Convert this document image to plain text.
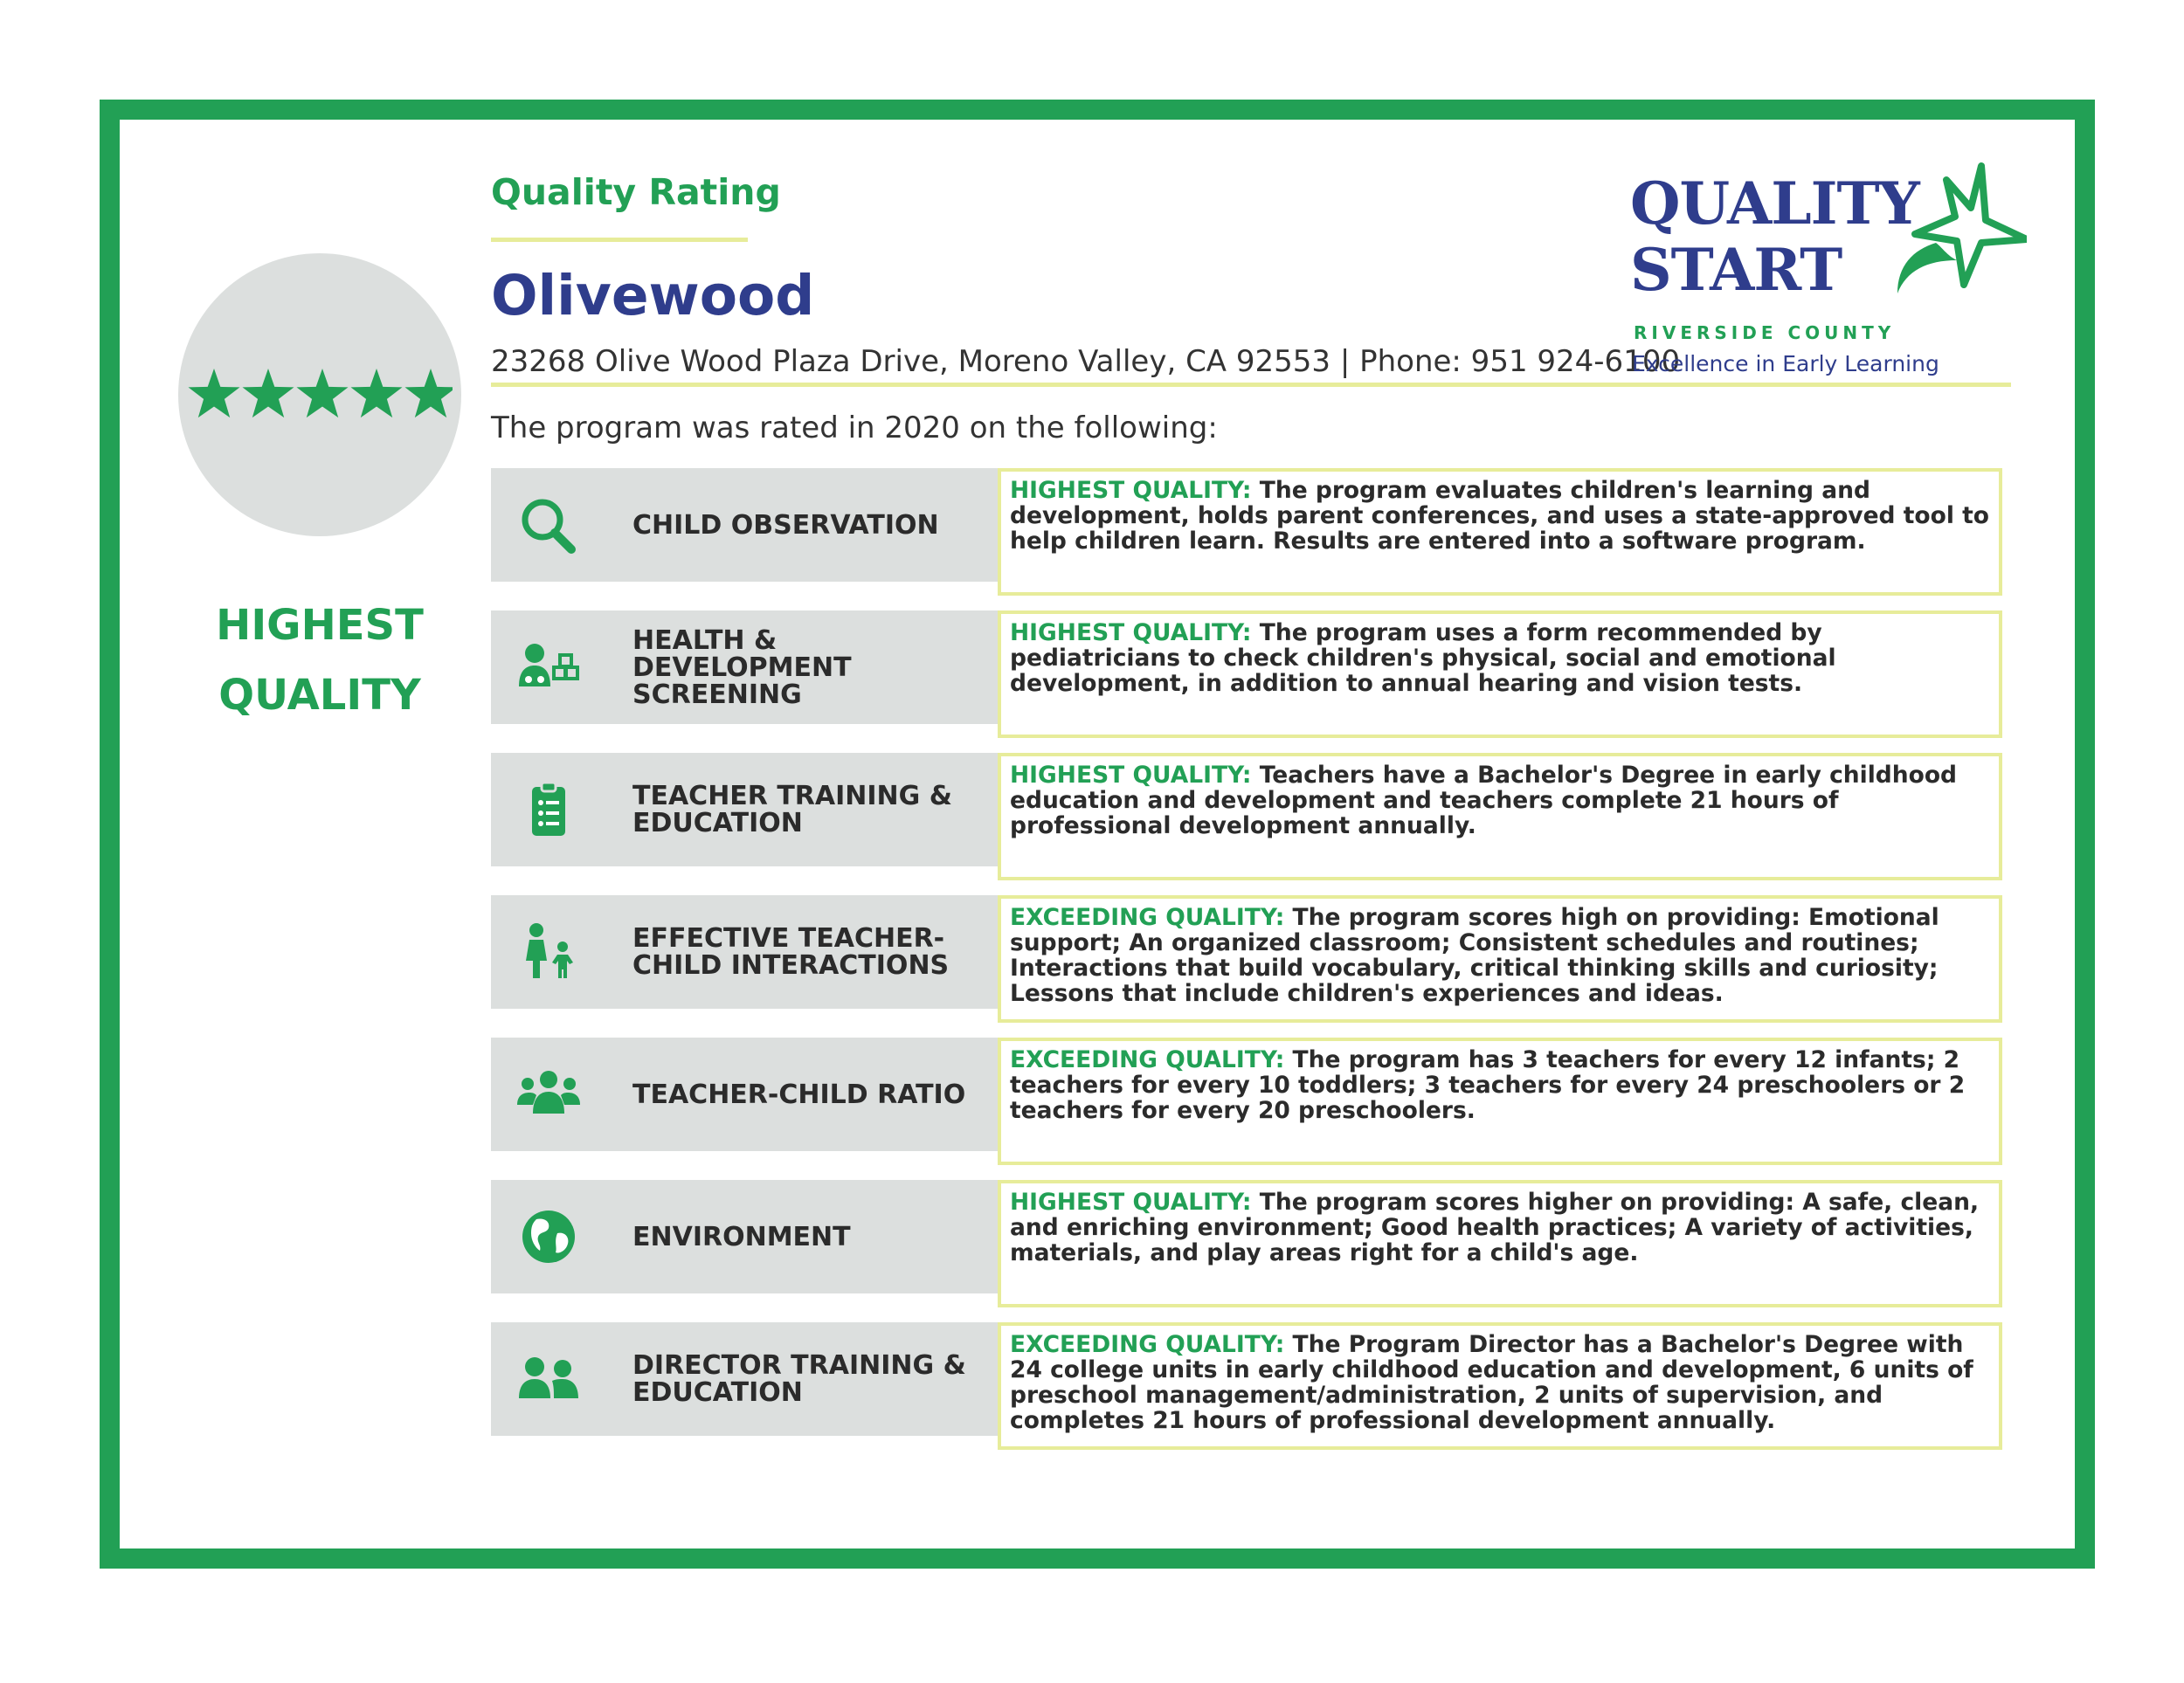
Quality Rating
Olivewood
23268 Olive Wood Plaza Drive, Moreno Valley, CA 92553 | Phone: 951 924-6100
The program was rated in 2020 on the following:
QUALITY
START
RIVERSIDE COUNTY
Excellence in Early Learning
HIGHEST QUALITY
CHILD OBSERVATION
HIGHEST QUALITY: The program evaluates children's learning and development, holds parent conferences, and uses a state-approved tool to help children learn. Results are entered into a software program.
HEALTH &
DEVELOPMENT
SCREENING
HIGHEST QUALITY: The program uses a form recommended by pediatricians to check children's physical, social and emotional development, in addition to annual hearing and vision tests.
TEACHER TRAINING &
EDUCATION
HIGHEST QUALITY: Teachers have a Bachelor's Degree in early childhood education and development and teachers complete 21 hours of professional development annually.
EFFECTIVE TEACHER-
CHILD INTERACTIONS
EXCEEDING QUALITY: The program scores high on providing: Emotional support; An organized classroom; Consistent schedules and routines; Interactions that build vocabulary, critical thinking skills and curiosity; Lessons that include children's experiences and ideas.
TEACHER-CHILD RATIO
EXCEEDING QUALITY: The program has 3 teachers for every 12 infants; 2 teachers for every 10 toddlers; 3 teachers for every 24 preschoolers or 2 teachers for every 20 preschoolers.
ENVIRONMENT
HIGHEST QUALITY: The program scores higher on providing: A safe, clean, and enriching environment; Good health practices; A variety of activities, materials, and play areas right for a child's age.
DIRECTOR TRAINING &
EDUCATION
EXCEEDING QUALITY: The Program Director has a Bachelor's Degree with 24 college units in early childhood education and development, 6 units of preschool management/administration, 2 units of supervision, and completes 21 hours of professional development annually.
